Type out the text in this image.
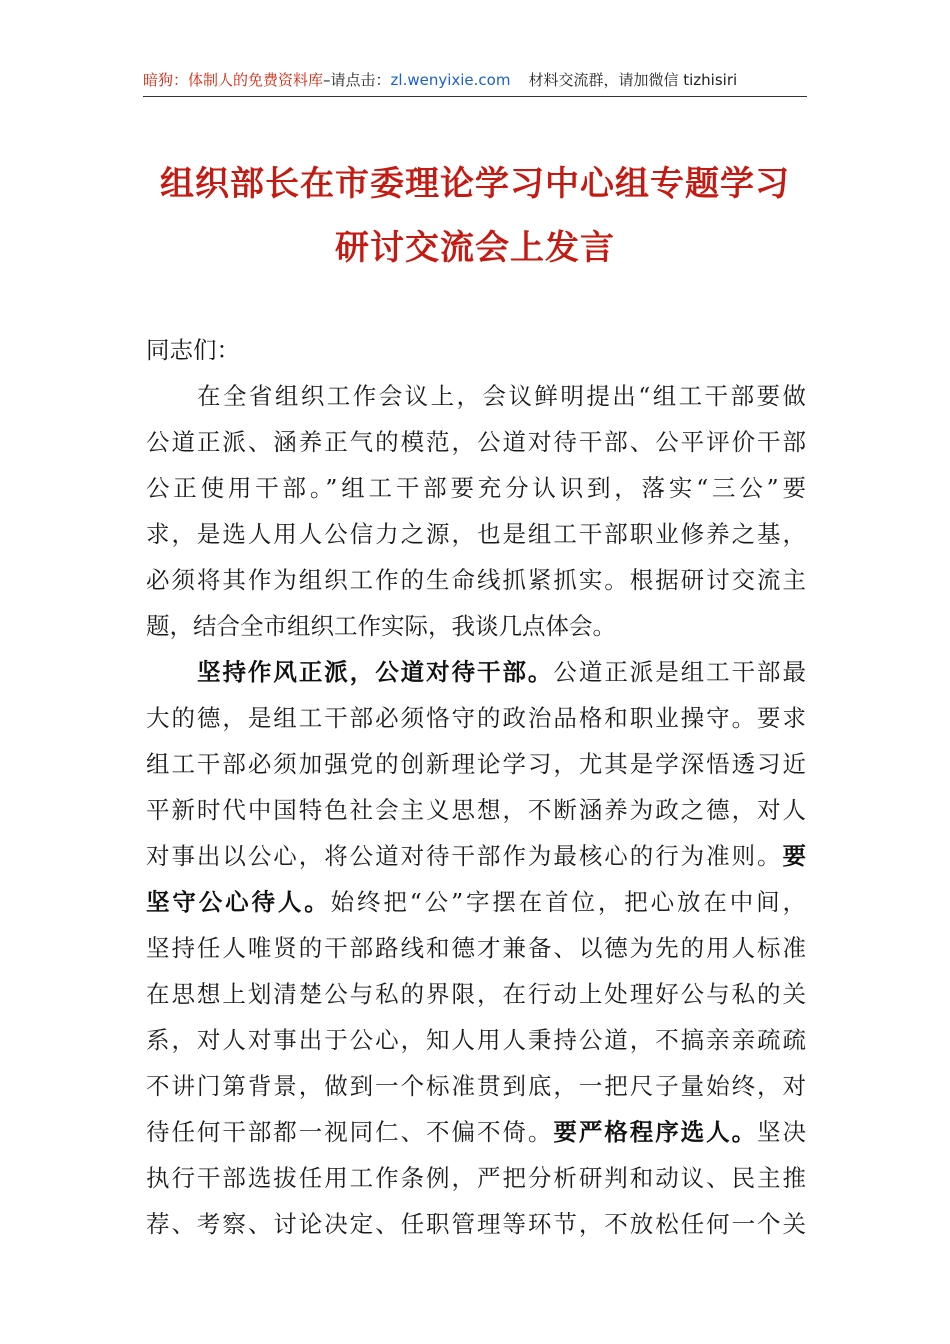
暗狗：体制人的免费资料库–请点击：zl.wenyixie.com 材料交流群，请加微信 tizhisiri
组织部长在市委理论学习中心组专题学习
研讨交流会上发言
同志们：
在全省组织工作会议上，会议鲜明提出“组工干部要做
公道正派、涵养正气的模范，公道对待干部、公平评价干部
公正使用干部。”组工干部要充分认识到，落实“三公”要
求，是选人用人公信力之源，也是组工干部职业修养之基，
必须将其作为组织工作的生命线抓紧抓实。根据研讨交流主
题，结合全市组织工作实际，我谈几点体会。
坚持作风正派，公道对待干部。公道正派是组工干部最
大的德，是组工干部必须恪守的政治品格和职业操守。要求
组工干部必须加强党的创新理论学习，尤其是学深悟透习近
平新时代中国特色社会主义思想，不断涵养为政之德，对人
对事出以公心，将公道对待干部作为最核心的行为准则。要
坚守公心待人。始终把“公”字摆在首位，把心放在中间，
坚持任人唯贤的干部路线和德才兼备、以德为先的用人标准
在思想上划清楚公与私的界限，在行动上处理好公与私的关
系，对人对事出于公心，知人用人秉持公道，不搞亲亲疏疏
不讲门第背景，做到一个标准贯到底，一把尺子量始终，对
待任何干部都一视同仁、不偏不倚。要严格程序选人。坚决
执行干部选拔任用工作条例，严把分析研判和动议、民主推
荐、考察、讨论决定、任职管理等环节，不放松任何一个关
